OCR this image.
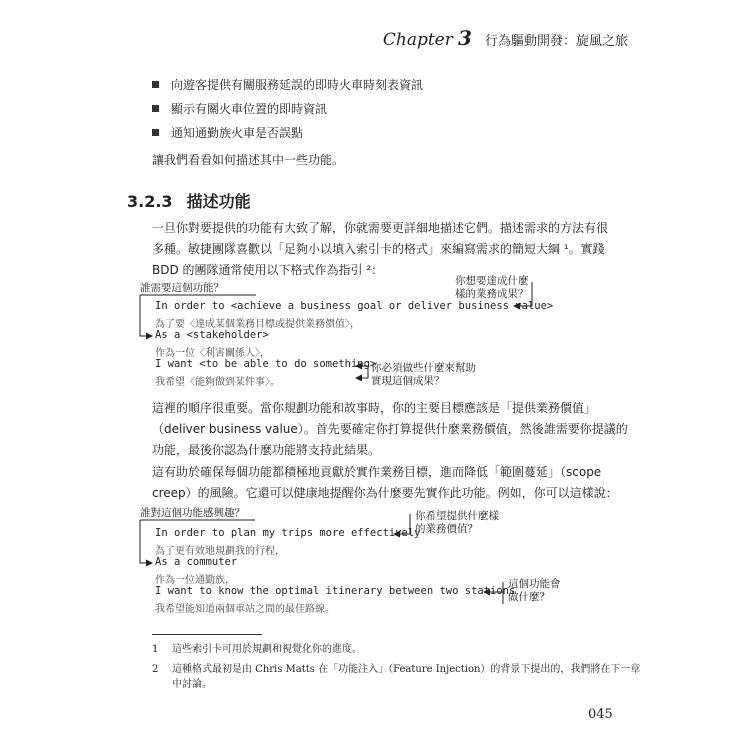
Chapter 3 行為驅動開發：旋風之旅
向遊客提供有關服務延誤的即時火車時刻表資訊
顯示有關火車位置的即時資訊
通知通勤族火車是否誤點
讓我們看看如何描述其中一些功能。
3.2.3 描述功能
一旦你對要提供的功能有大致了解，你就需要更詳細地描述它們。描述需求的方法有很
多種。敏捷團隊喜歡以「足夠小以填入索引卡的格式」來編寫需求的簡短大綱 ¹。實踐
BDD 的團隊通常使用以下格式作為指引 ²：
誰需要這個功能？
你想要達成什麼
樣的業務成果？
In order to <achieve a business goal or deliver business value>
為了要〈達成某個業務目標或提供業務價值〉，
As a <stakeholder>
作為一位〈利害關係人〉，
I want <to be able to do something>
我希望〈能夠做到某件事〉。
你必須做些什麼來幫助
實現這個成果？
這裡的順序很重要。當你規劃功能和故事時，你的主要目標應該是「提供業務價值」
（deliver business value）。首先要確定你打算提供什麼業務價值，然後誰需要你提議的
功能，最後你認為什麼功能將支持此結果。
這有助於確保每個功能都積極地貢獻於實作業務目標，進而降低「範圍蔓延」（scope
creep）的風險。它還可以健康地提醒你為什麼要先實作此功能。例如，你可以這樣說：
誰對這個功能感興趣？	你希望提供什麼樣
的業務價值？
In order to plan my trips more effectively
為了更有效地規劃我的行程，
As a commuter
作為一位通勤族，
I want to know the optimal itinerary between two stations
我希望能知道兩個車站之間的最佳路線。
這個功能會
做什麼？
1 這些索引卡可用於規劃和視覺化你的進度。
2 這種格式最初是由 Chris Matts 在「功能注入」（Feature Injection）的背景下提出的，我們將在下一章
中討論。
045
